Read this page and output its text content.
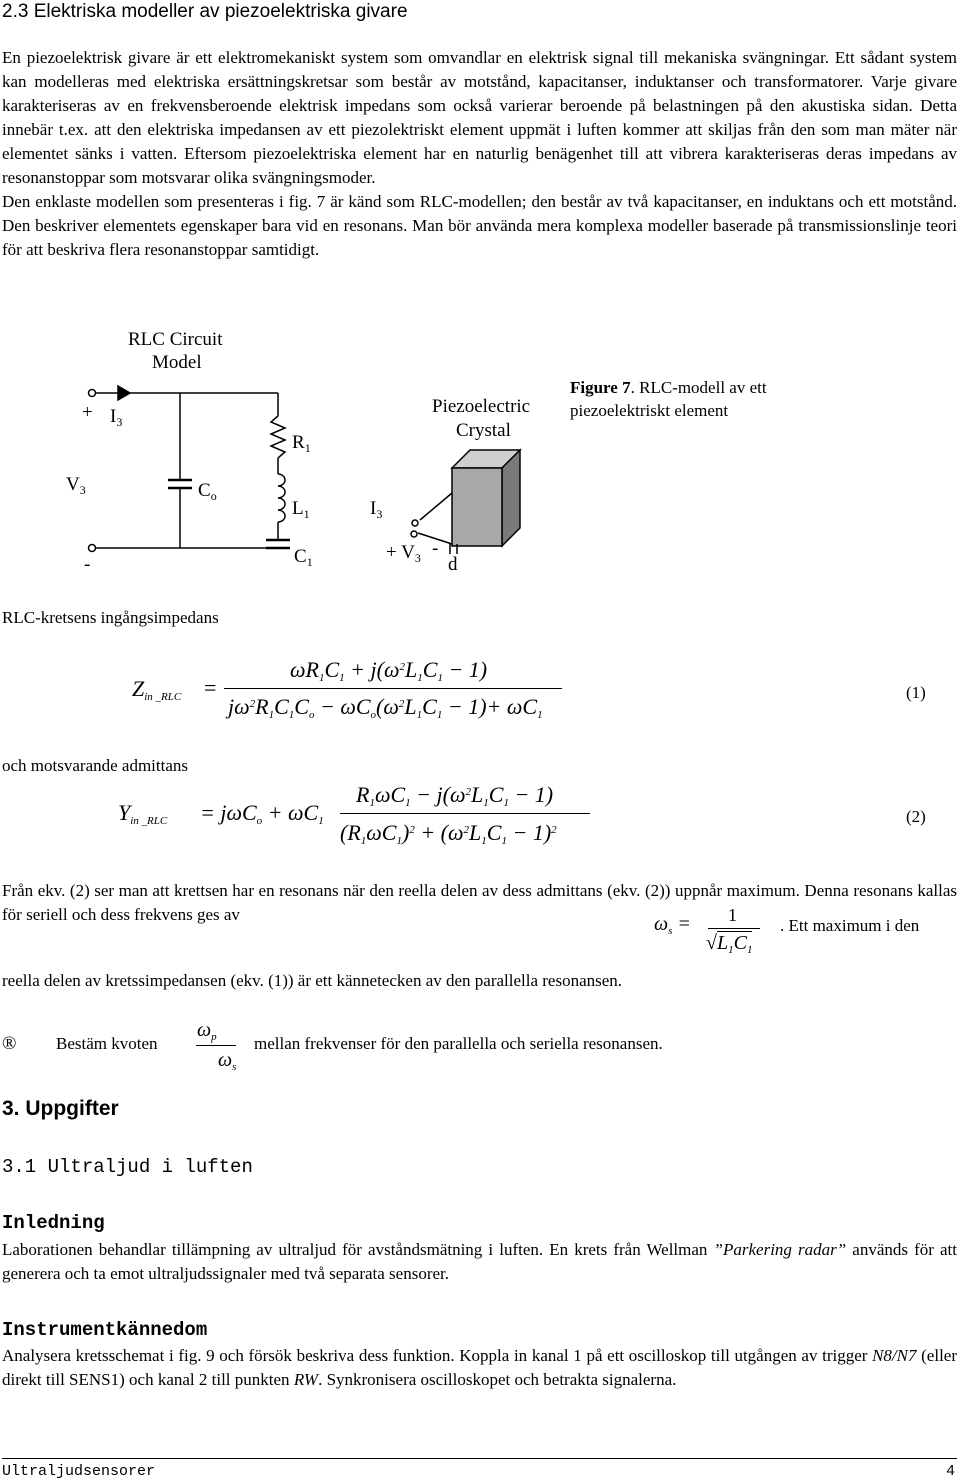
2.3 Elektriska modeller av piezoelektriska givare

En piezoelektrisk givare är ett elektromekaniskt system som omvandlar en elektrisk signal till mekaniska svängningar. Ett sådant system kan modelleras med elektriska ersättningskretsar som består av motstånd, kapacitanser, induktanser och transformatorer. Varje givare karakteriseras av en frekvensberoende elektrisk impedans som också varierar beroende på belastningen på den akustiska sidan. Detta innebär t.ex. att den elektriska impedansen av ett piezolektriskt element uppmät i luften kommer att skiljas från den som man mäter när elementet sänks i vatten. Eftersom piezoelektriska element har en naturlig benägenhet till att vibrera karakteriseras deras impedans av resonanstoppar som motsvarar olika svängningsmoder.

Den enklaste modellen som presenteras i fig. 7 är känd som RLC-modellen; den består av två kapacitanser, en induktans och ett motstånd. Den beskriver elementets egenskaper bara vid en resonans. Man bör använda mera komplexa modeller baserade på transmissionslinje teori för att beskriva flera resonanstoppar samtidigt.

RLC Circuit
Model
+ $I_3$
$V_3$
-
$C_o$
$R_1$
$L_1$
$C_1$
Piezoelectric
Crystal
$I_3$
+ $V_3$ -
d
Figure 7. RLC-modell av ett piezoelektriskt element
RLC-kretsens ingångsimpedans
$Z_{in \_RLC}$ =
$\omega R_1C_1 + j(\omega^2L_1C_1 - 1)$
$j\omega^2R_1C_1C_o - \omega C_o(\omega^2L_1C_1 - 1)+ \omega C_1$
(1)
och motsvarande admittans
$Y_{in \_RLC} = j\omega C_o + \omega C_1$
$R_1\omega C_1 - j(\omega^2L_1C_1 - 1)$
$(R_1\omega C_1)^2 + (\omega^2L_1C_1 - 1)^2$
(2)
Från ekv. (2) ser man att krettsen har en resonans när den reella delen av dess admittans (ekv. (2)) uppnår maximum. Denna resonans kallas för seriell och dess frekvens ges av	$\omega_s = 1$
$√L_1C_1$
. Ett maximum i den
reella delen av kretssimpedansen (ekv. (1)) är ett kännetecken av den parallella resonansen.
® Bestäm kvoten
$\omega_p$
$\omega_s$
mellan frekvenser för den parallella och seriella resonansen.
3. Uppgifter
3.1 Ultraljud i luften
Inledning
Laborationen behandlar tillämpning av ultraljud för avståndsmätning i luften. En krets från Wellman ”Parkering radar” används för att generera och ta emot ultraljudssignaler med två separata sensorer.
Instrumentkännedom
Analysera kretsschemat i fig. 9 och försök beskriva dess funktion. Koppla in kanal 1 på ett oscilloskop till utgången av trigger N8/N7 (eller direkt till SENS1) och kanal 2 till punkten RW. Synkronisera oscilloskopet och betrakta signalerna.
Ultraljudsensorer	4
